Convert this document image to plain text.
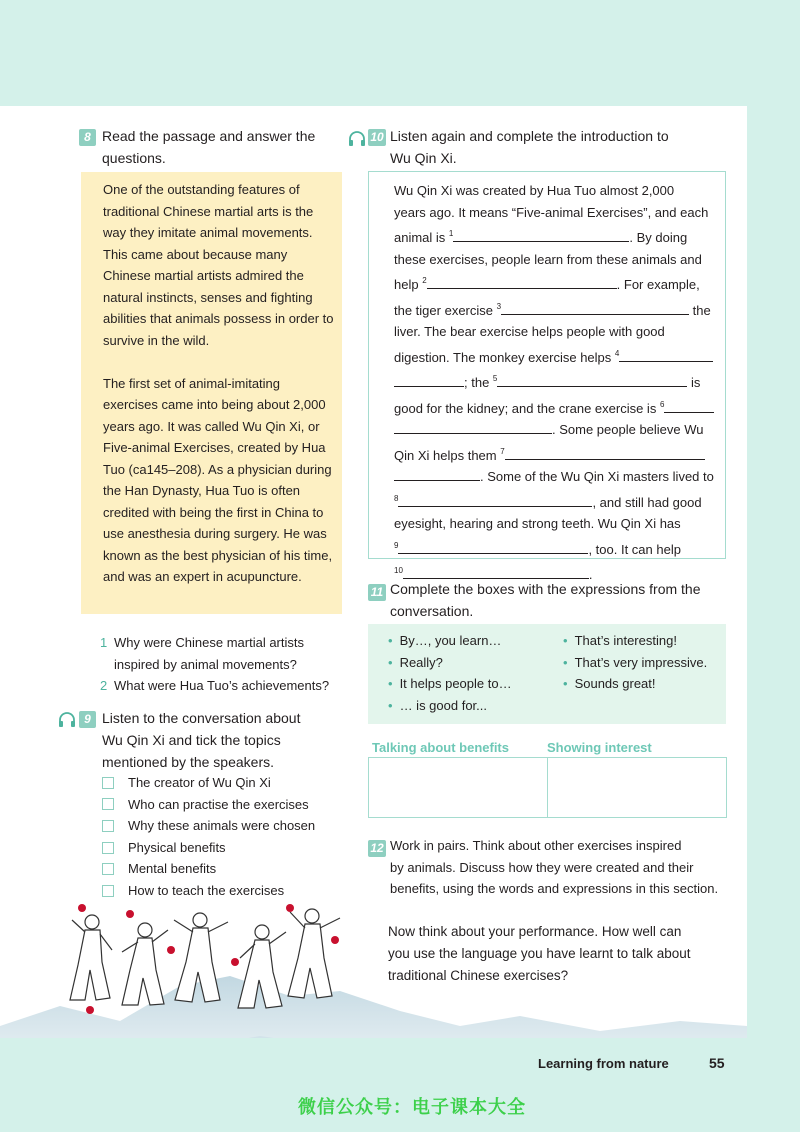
8 Read the passage and answer the
questions.

One of the outstanding features of traditional Chinese martial arts is the way they imitate animal movements. This came about because many Chinese martial artists admired the natural instincts, senses and fighting abilities that animals possess in order to survive in the wild.

The first set of animal-imitating exercises came into being about 2,000 years ago. It was called Wu Qin Xi, or Five-animal Exercises, created by Hua Tuo (ca145–208). As a physician during the Han Dynasty, Hua Tuo is often credited with being the first in China to use anesthesia during surgery. He was known as the best physician of his time, and was an expert in acupuncture.

1 Why were Chinese martial artists
inspired by animal movements?
2 What were Hua Tuo’s achievements?
9 Listen to the conversation about
Wu Qin Xi and tick the topics
mentioned by the speakers.
The creator of Wu Qin Xi
Who can practise the exercises
Why these animals were chosen
Physical benefits
Mental benefits
How to teach the exercises
10 Listen again and complete the introduction to
Wu Qin Xi.
Wu Qin Xi was created by Hua Tuo almost 2,000
years ago. It means “Five-animal Exercises”, and each
animal is $^1$	. By doing
these exercises, people learn from these animals and
help $^2$	. For example,
the tiger exercise $^3$	the
liver. The bear exercise helps people with good
digestion. The monkey exercise helps $^4$
; the $^5$	is
good for the kidney; and the crane exercise is $^6$
. Some people believe Wu
Qin Xi helps them $^7$
. Some of the Wu Qin Xi masters lived to
$^8$	, and still had good
eyesight, hearing and strong teeth. Wu Qin Xi has
$^9$	, too. It can help
$^{10}$	.
11 Complete the boxes with the expressions from the
conversation.
• By…, you learn…
• Really?
• It helps people to…
• … is good for...
• That’s interesting!
• That’s very impressive.
• Sounds great!
Talking about benefits	Showing interest
12 Work in pairs. Think about other exercises inspired
by animals. Discuss how they were created and their
benefits, using the words and expressions in this section.
Now think about your performance. How well can
you use the language you have learnt to talk about
traditional Chinese exercises?
Learning from nature	55
微信公众号：电子课本大全
